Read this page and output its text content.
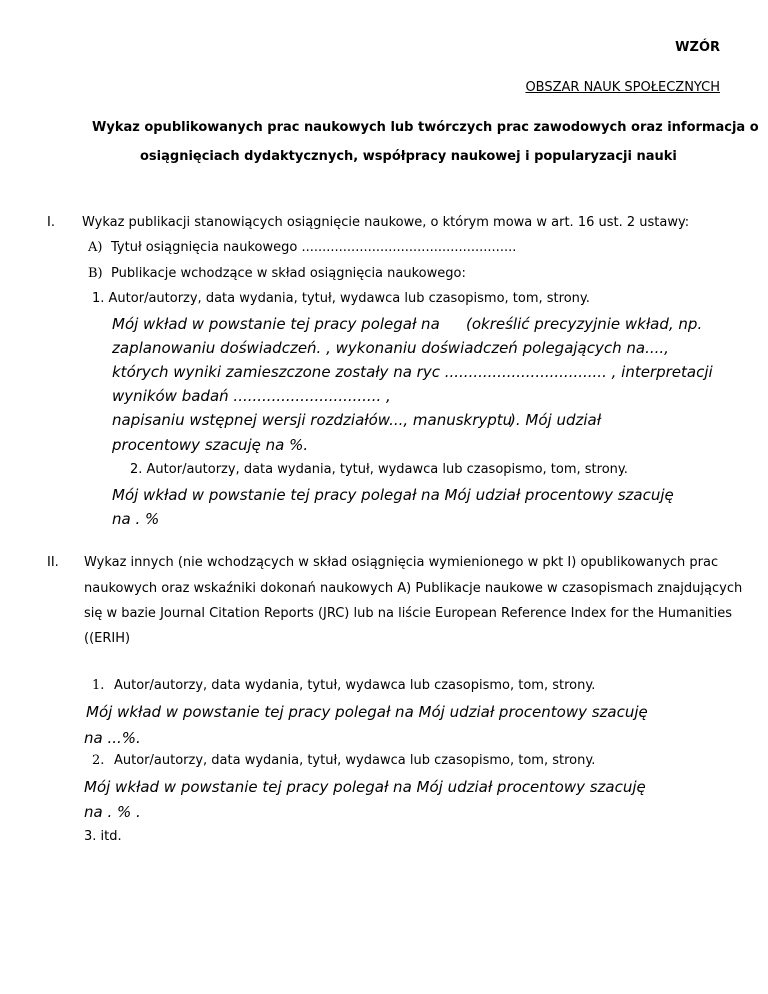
WZÓR
OBSZAR NAUK SPOŁECZNYCH
Wykaz opublikowanych prac naukowych lub twórczych prac zawodowych oraz informacja o
osiągnięciach dydaktycznych, współpracy naukowej i popularyzacji nauki
I. Wykaz publikacji stanowiących osiągnięcie naukowe, o którym mowa w art. 16 ust. 2 ustawy:
A) Tytuł osiągnięcia naukowego ....................................................
B) Publikacje wchodzące w skład osiągnięcia naukowego:
1. Autor/autorzy, data wydania, tytuł, wydawca lub czasopismo, tom, strony.
Mój wkład w powstanie tej pracy polegał na (określić precyzyjnie wkład, np.
zaplanowaniu doświadczeń. , wykonaniu doświadczeń polegających na....,
których wyniki zamieszczone zostały na ryc .................................. , interpretacji
wyników badań ............................... ,
napisaniu wstępnej wersji rozdziałów..., manuskryptu
). Mój udział
procentowy szacuję na %.
2. Autor/autorzy, data wydania, tytuł, wydawca lub czasopismo, tom, strony.
Mój wkład w powstanie tej pracy polegał na Mój udział procentowy szacuję
na . %
II. Wykaz innych (nie wchodzących w skład osiągnięcia wymienionego w pkt I) opublikowanych prac
naukowych oraz wskaźniki dokonań naukowych A) Publikacje naukowe w czasopismach znajdujących
się w bazie Journal Citation Reports (JRC) lub na liście European Reference Index for the Humanities
((ERIH)
1. Autor/autorzy, data wydania, tytuł, wydawca lub czasopismo, tom, strony.
Mój wkład w powstanie tej pracy polegał na Mój udział procentowy szacuję
na ...%.
2. Autor/autorzy, data wydania, tytuł, wydawca lub czasopismo, tom, strony.
Mój wkład w powstanie tej pracy polegał na Mój udział procentowy szacuję
na . % .
3. itd.
